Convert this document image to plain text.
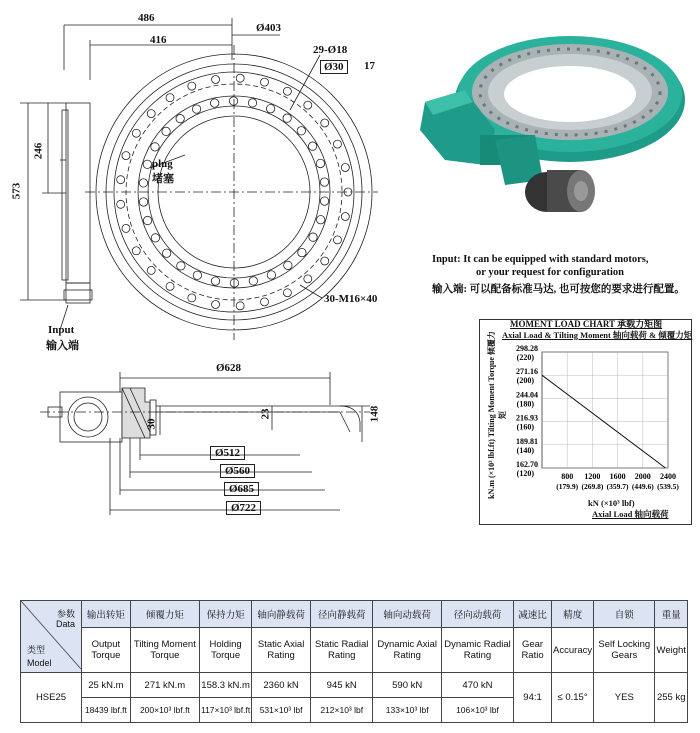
486
416
Ø403
29-Ø18
Ø30	17
246
573
plug
堵塞
30-M16×40
Input
输入端
Input: It can be equipped with standard motors,
or your request for configuration
输入端: 可以配备标准马达, 也可按您的要求进行配置。
MOMENT LOAD CHART 承载力矩图
Axial Load & Tilting Moment 轴向载荷 & 倾覆力矩
kN.m (×10³ lbf.ft) Tilting Moment Torque 倾覆力矩
298.28
(220)
271.16
(200)
244.04
(180)
216.93
(160)
189.81
(140)
162.70
(120)	800
(179.9)
1200
(269.8)
1600
(359.7)
2000
(449.6)
2400
(539.5)
kN (×10³ lbf)
Axial Load 轴向载荷
Ø628
23	148
30
Ø512
Ø560
Ø685
Ø722
参数
Data
类型
Model	输出转矩	倾覆力矩	保持力矩	轴向静载荷	径向静载荷	轴向动载荷	径向动载荷	减速比	精度	自锁	重量
	Output Torque	Tilting Moment Torque	Holding Torque	Static Axial Rating	Static Radial Rating	Dynamic Axial Rating	Dynamic Radial Rating	Gear Ratio	Accuracy	Self Locking Gears	Weight
HSE25	25 kN.m	271 kN.m	158.3 kN.m	2360 kN	945 kN	590 kN	470 kN	94:1	≤ 0.15°	YES	255 kg
	18439 lbf.ft	200×10³ lbf.ft	117×10³ lbf.ft	531×10³ lbf	212×10³ lbf	133×10³ lbf	106×10³ lbf				
